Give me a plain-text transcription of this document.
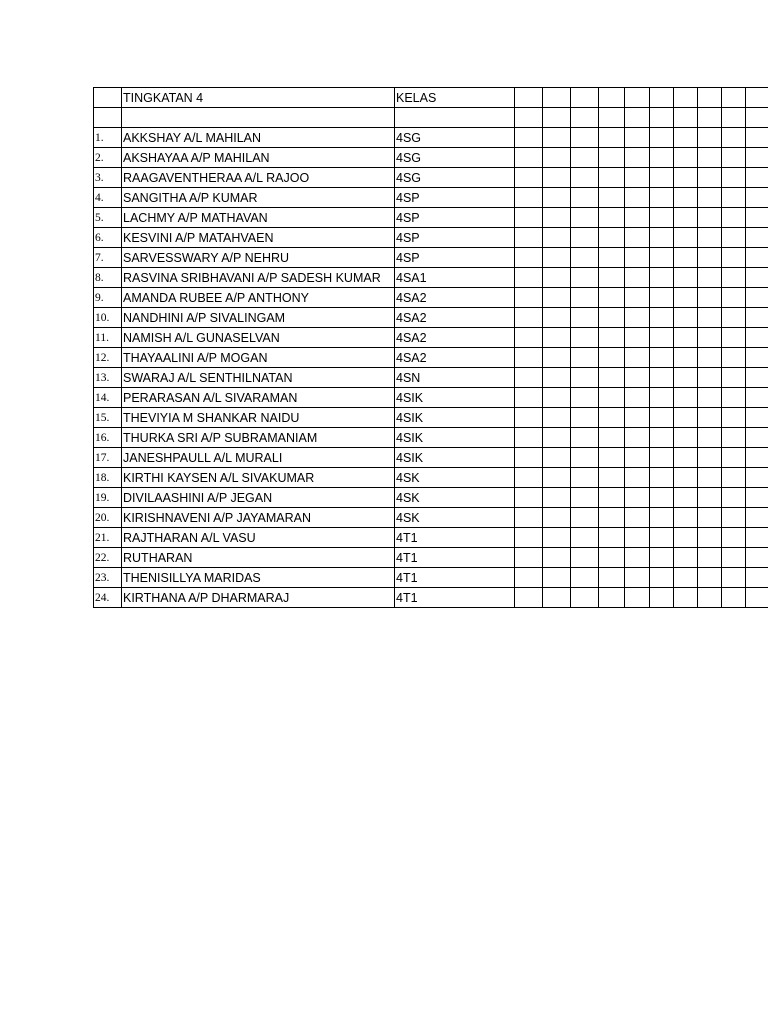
	TINGKATAN 4	KELAS											

1.	AKKSHAY A/L MAHILAN	4SG											
2.	AKSHAYAA A/P MAHILAN	4SG											
3.	RAAGAVENTHERAA A/L RAJOO	4SG											
4.	SANGITHA A/P KUMAR	4SP											
5.	LACHMY A/P MATHAVAN	4SP											
6.	KESVINI A/P MATAHVAEN	4SP											
7.	SARVESSWARY A/P NEHRU	4SP											
8.	RASVINA SRIBHAVANI A/P SADESH KUMAR	4SA1											
9.	AMANDA RUBEE A/P ANTHONY	4SA2											
10.	NANDHINI A/P SIVALINGAM	4SA2											
11.	NAMISH A/L GUNASELVAN	4SA2											
12.	THAYAALINI A/P MOGAN	4SA2											
13.	SWARAJ A/L SENTHILNATAN	4SN											
14.	PERARASAN A/L SIVARAMAN	4SIK											
15.	THEVIYIA M SHANKAR NAIDU	4SIK											
16.	THURKA SRI A/P SUBRAMANIAM	4SIK											
17.	JANESHPAULL A/L MURALI	4SIK											
18.	KIRTHI KAYSEN A/L SIVAKUMAR	4SK											
19.	DIVILAASHINI A/P JEGAN	4SK											
20.	KIRISHNAVENI A/P JAYAMARAN	4SK											
21.	RAJTHARAN A/L VASU	4T1											
22.	RUTHARAN	4T1											
23.	THENISILLYA MARIDAS	4T1											
24.	KIRTHANA A/P DHARMARAJ	4T1											
